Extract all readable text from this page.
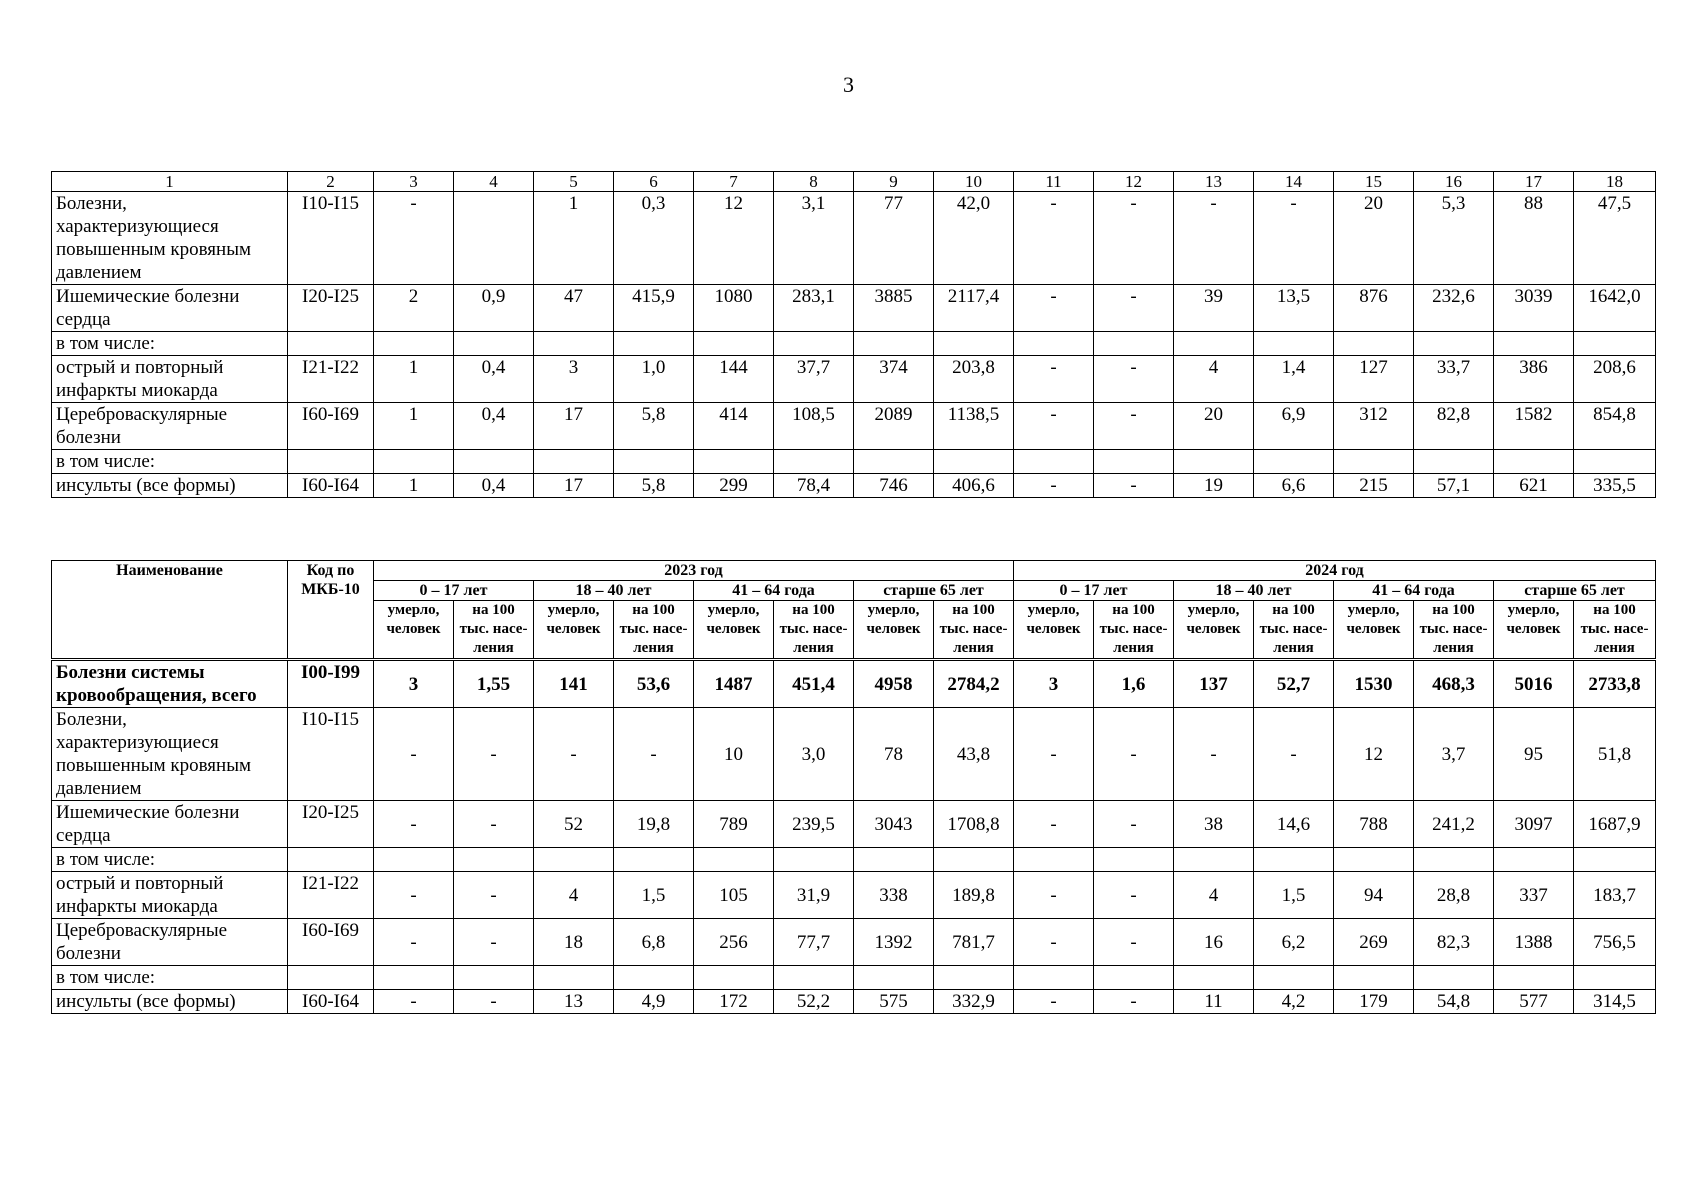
3
1	2	3	4	5	6	7	8	9	10	11	12	13	14	15	16	17	18
Болезни, характеризующиеся повышенным кровяным давлением	I10-I15	-		1	0,3	12	3,1	77	42,0	-	-	-	-	20	5,3	88	47,5
Ишемические болезни сердца	I20-I25	2	0,9	47	415,9	1080	283,1	3885	2117,4	-	-	39	13,5	876	232,6	3039	1642,0
в том числе:																	
острый и повторный инфаркты миокарда	I21-I22	1	0,4	3	1,0	144	37,7	374	203,8	-	-	4	1,4	127	33,7	386	208,6
Цереброваскулярные болезни	I60-I69	1	0,4	17	5,8	414	108,5	2089	1138,5	-	-	20	6,9	312	82,8	1582	854,8
в том числе:																	
инсульты (все формы)	I60-I64	1	0,4	17	5,8	299	78,4	746	406,6	-	-	19	6,6	215	57,1	621	335,5
Наименование	Код по МКБ-10	2023 год								2024 год							
		0 – 17 лет		18 – 40 лет		41 – 64 года		старше 65 лет		0 – 17 лет		18 – 40 лет		41 – 64 года		старше 65 лет	
		умерло, человек	на 100 тыс. насе-ления	умерло, человек	на 100 тыс. насе-ления	умерло, человек	на 100 тыс. насе-ления	умерло, человек	на 100 тыс. насе-ления	умерло, человек	на 100 тыс. насе-ления	умерло, человек	на 100 тыс. насе-ления	умерло, человек	на 100 тыс. насе-ления	умерло, человек	на 100 тыс. насе-ления
Болезни системы кровообращения, всего	I00-I99	3	1,55	141	53,6	1487	451,4	4958	2784,2	3	1,6	137	52,7	1530	468,3	5016	2733,8
Болезни, характеризующиеся повышенным кровяным давлением	I10-I15	-	-	-	-	10	3,0	78	43,8	-	-	-	-	12	3,7	95	51,8
Ишемические болезни сердца	I20-I25	-	-	52	19,8	789	239,5	3043	1708,8	-	-	38	14,6	788	241,2	3097	1687,9
в том числе:																	
острый и повторный инфаркты миокарда	I21-I22	-	-	4	1,5	105	31,9	338	189,8	-	-	4	1,5	94	28,8	337	183,7
Цереброваскулярные болезни	I60-I69	-	-	18	6,8	256	77,7	1392	781,7	-	-	16	6,2	269	82,3	1388	756,5
в том числе:																	
инсульты (все формы)	I60-I64	-	-	13	4,9	172	52,2	575	332,9	-	-	11	4,2	179	54,8	577	314,5
